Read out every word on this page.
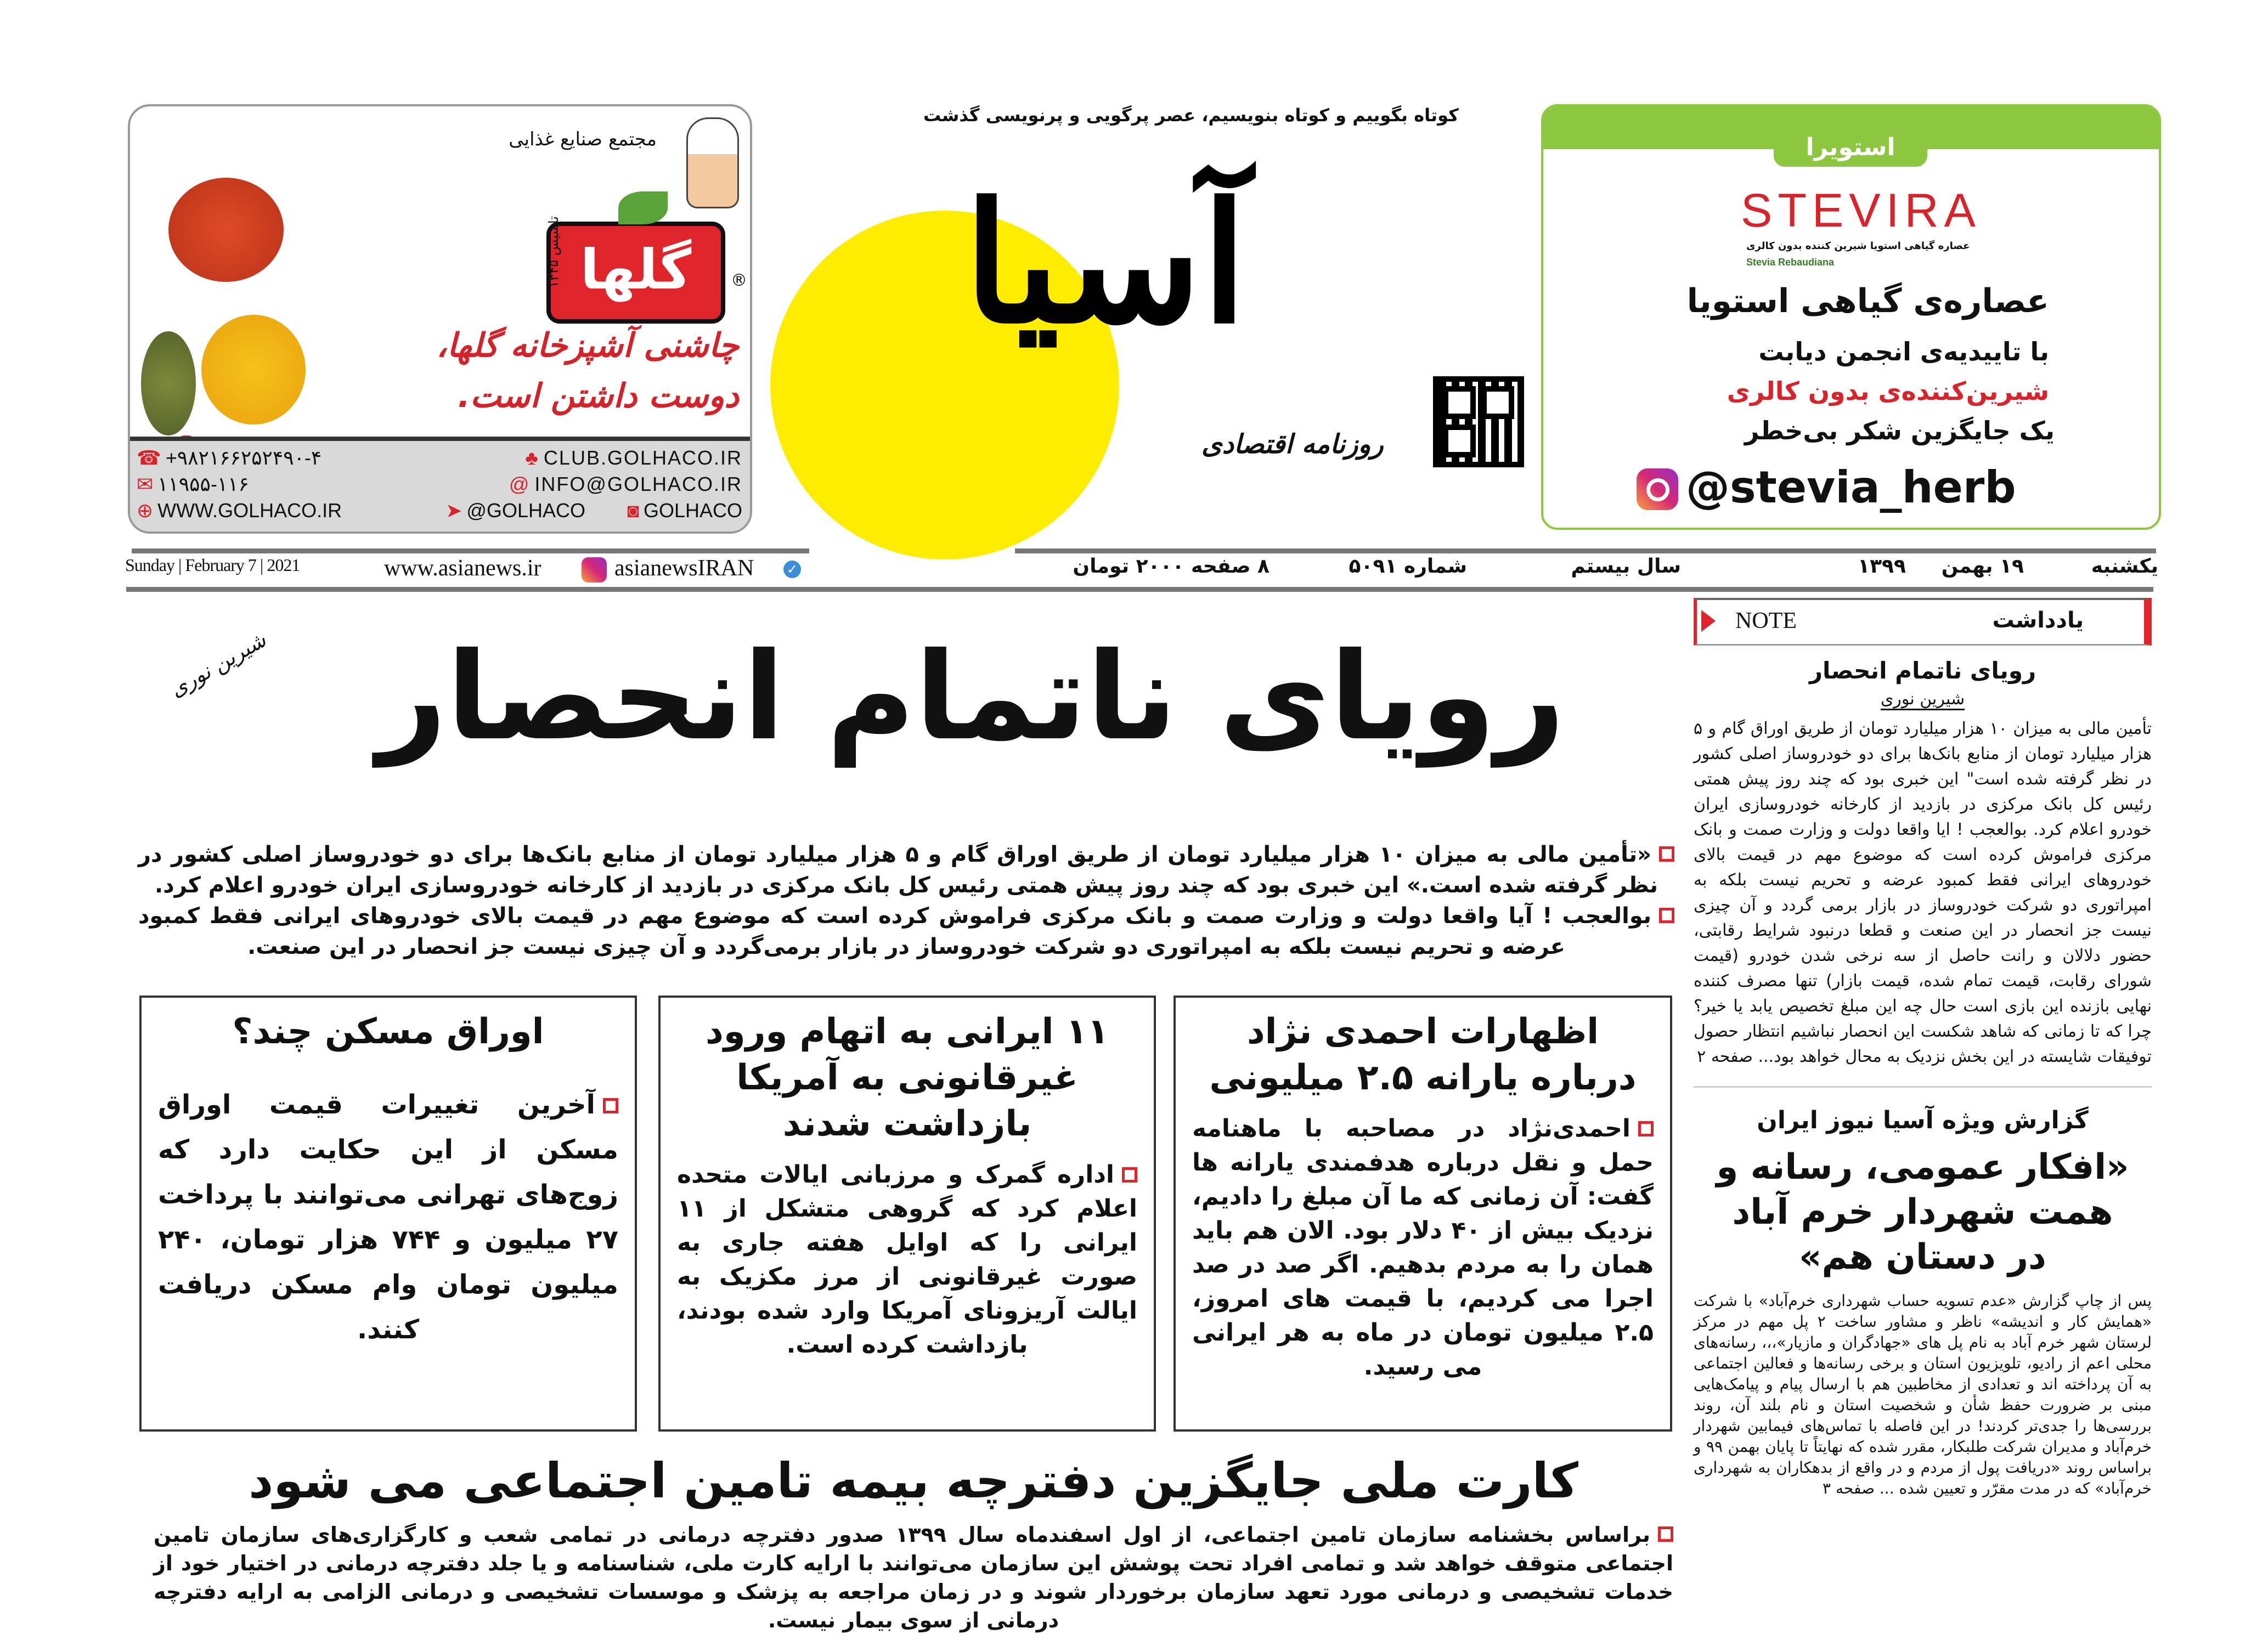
مجتمع صنایع غذایی
گلها	®
تاسیس ۱۳۴۵
چاشنی آشپزخانه گلها،
دوست داشتن است.
☎ +۹۸۲۱۶۶۲۵۲۴۹۰-۴
✉ ۱۱۹۵۵-۱۱۶
⊕ WWW.GOLHACO.IR
♣ CLUB.GOLHACO.IR
@ INFO@GOLHACO.IR
➤ @GOLHACO ◙ GOLHACO
کوتاه بگوییم و کوتاه بنویسیم، عصر پرگویی و پرنویسی گذشت
آسیا
روزنامه اقتصادی
استویرا
STEVIRA
عصاره گیاهی استویا شیرین کننده بدون کالری
Stevia Rebaudiana
عصاره‌ی گیاهی استویا
با تاییدیه‌ی انجمن دیابت
شیرین‌کننده‌ی بدون کالری
یک جایگزین شکر بی‌خطر
@stevia_herb
یکشنبه
۱۹ بهمن
۱۳۹۹
سال بیستم
شماره ۵۰۹۱
۸ صفحه ۲۰۰۰ تومان
✓
asianewsIRAN
www.asianews.ir
Sunday | February 7 | 2021
رویای ناتمام انحصار
شیرین نوری

«تأمین مالی به میزان ۱۰ هزار میلیارد تومان از طریق اوراق گام و ۵ هزار میلیارد تومان از منابع بانک‌ها برای دو خودروساز اصلی کشور در نظر گرفته شده است.» این خبری بود که چند روز پیش همتی رئیس کل بانک مرکزی در بازدید از کارخانه خودروسازی ایران خودرو اعلام کرد.

بوالعجب ! آیا واقعا دولت و وزارت صمت و بانک مرکزی فراموش کرده است که موضوع مهم در قیمت بالای خودروهای ایرانی فقط کمبود عرضه و تحریم نیست بلکه به امپراتوری دو شرکت خودروساز در بازار برمی‌گردد و آن چیزی نیست جز انحصار در این صنعت.

اظهارات احمدی نژاد درباره یارانه ۲.۵ میلیونی

احمدی‌نژاد در مصاحبه با ماهنامه حمل و نقل درباره هدفمندی یارانه ها گفت: آن زمانی که ما آن مبلغ را دادیم، نزدیک بیش از ۴۰ دلار بود. الان هم باید همان را به مردم بدهیم. اگر صد در صد اجرا می کردیم، با قیمت های امروز، ۲.۵ میلیون تومان در ماه به هر ایرانی می رسید.

۱۱ ایرانی به اتهام ورود غیرقانونی به آمریکا بازداشت شدند

اداره گمرک و مرزبانی ایالات متحده اعلام کرد که گروهی متشکل از ۱۱ ایرانی را که اوایل هفته جاری به صورت غیرقانونی از مرز مکزیک به ایالت آریزونای آمریکا وارد شده بودند، بازداشت کرده است.

اوراق مسکن چند؟

آخرین تغییرات قیمت اوراق مسکن از این حکایت دارد که زوج‌های تهرانی می‌توانند با پرداخت ۲۷ میلیون و ۷۴۴ هزار تومان، ۲۴۰ میلیون تومان وام مسکن دریافت کنند.

کارت ملی جایگزین دفترچه بیمه تامین اجتماعی می شود

براساس بخشنامه سازمان تامین اجتماعی، از اول اسفندماه سال ۱۳۹۹ صدور دفترچه درمانی در تمامی شعب و کارگزاری‌های سازمان تامین اجتماعی متوقف خواهد شد و تمامی افراد تحت پوشش این سازمان می‌توانند با ارایه کارت ملی، شناسنامه و یا جلد دفترچه درمانی در اختیار خود از خدمات تشخیصی و درمانی مورد تعهد سازمان برخوردار شوند و در زمان مراجعه به پزشک و موسسات تشخیصی و درمانی الزامی به ارایه دفترچه درمانی از سوی بیمار نیست.

یادداشت
NOTE
رویای ناتمام انحصار
شیرین نوری

تأمین مالی به میزان ۱۰ هزار میلیارد تومان از طریق اوراق گام و ۵ هزار میلیارد تومان از منابع بانک‌ها برای دو خودروساز اصلی کشور در نظر گرفته شده است" این خبری بود که چند روز پیش همتی رئیس کل بانک مرکزی در بازدید از کارخانه خودروسازی ایران خودرو اعلام کرد. بوالعجب ! ایا واقعا دولت و وزارت صمت و بانک مرکزی فراموش کرده است که موضوع مهم در قیمت بالای خودروهای ایرانی فقط کمبود عرضه و تحریم نیست بلکه به امپراتوری دو شرکت خودروساز در بازار برمی گردد و آن چیزی نیست جز انحصار در این صنعت و قطعا درنبود شرایط رقابتی، حضور دلالان و رانت حاصل از سه نرخی شدن خودرو (قیمت شورای رقابت، قیمت تمام شده، قیمت بازار) تنها مصرف کننده نهایی بازنده این بازی است حال چه این مبلغ تخصیص یابد یا خیر؟ چرا که تا زمانی که شاهد شکست این انحصار نباشیم انتظار حصول توفیقات شایسته در این بخش نزدیک به محال خواهد بود... صفحه ۲

گزارش ویژه آسیا نیوز ایران
«افکار عمومی، رسانه و همت شهردار خرم آباد در دستان هم»

پس از چاپ گزارش «عدم تسویه حساب شهرداری خرم‌آباد» با شرکت «همایش کار و اندیشه» ناظر و مشاور ساخت ۲ پل مهم در مرکز لرستان شهر خرم آباد به نام پل های «جهادگران و مازیار»،،، رسانه‌های محلی اعم از رادیو، تلویزیون استان و برخی رسانه‌ها و فعالین اجتماعی به آن پرداخته اند و تعدادی از مخاطبین هم با ارسال پیام و پیامک‌هایی مبنی بر ضرورت حفظ شأن و شخصیت استان و نام بلند آن، روند بررسی‌ها را جدی‌تر کردند! در این فاصله با تماس‌های فیمابین شهردار خرم‌آباد و مدیران شرکت طلبکار، مقرر شده که نهایتاً تا پایان بهمن ۹۹ و براساس روند «دریافت پول از مردم و در واقع از بدهکاران به شهرداری خرم‌آباد» که در مدت مقرّر و تعیین شده ... صفحه ۳
